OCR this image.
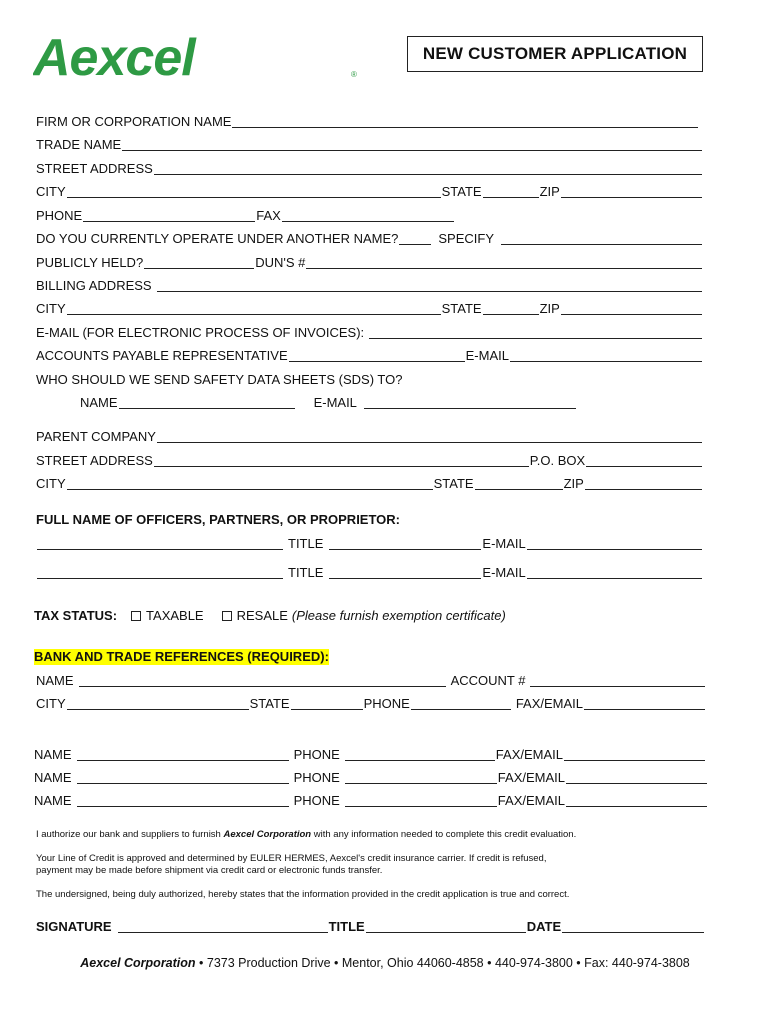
Aexcel	®
NEW CUSTOMER APPLICATION
FIRM OR CORPORATION NAME
TRADE NAME
STREET ADDRESS
CITY	STATE	ZIP
PHONE	FAX
DO YOU CURRENTLY OPERATE UNDER ANOTHER NAME?	SPECIFY
PUBLICLY HELD?	DUN'S #
BILLING ADDRESS
CITY	STATE	ZIP
E-MAIL (FOR ELECTRONIC PROCESS OF INVOICES):
ACCOUNTS PAYABLE REPRESENTATIVE	E-MAIL
WHO SHOULD WE SEND SAFETY DATA SHEETS (SDS) TO?
NAME	E-MAIL
PARENT COMPANY
STREET ADDRESS	P.O. BOX
CITY	STATE	ZIP
FULL NAME OF OFFICERS, PARTNERS, OR PROPRIETOR:
TITLE	E-MAIL
TITLE	E-MAIL
TAX STATUS: TAXABLE	RESALE (Please furnish exemption certificate)
BANK AND TRADE REFERENCES (REQUIRED):
NAME	ACCOUNT #
CITY	STATE	PHONE	FAX/EMAIL
NAME	PHONE	FAX/EMAIL
NAME	PHONE	FAX/EMAIL
NAME	PHONE	FAX/EMAIL
I authorize our bank and suppliers to furnish Aexcel Corporation with any information needed to complete this credit evaluation.
Your Line of Credit is approved and determined by EULER HERMES, Aexcel's credit insurance carrier. If credit is refused,
payment may be made before shipment via credit card or electronic funds transfer.
The undersigned, being duly authorized, hereby states that the information provided in the credit application is true and correct.
SIGNATURE	TITLE	DATE
Aexcel Corporation • 7373 Production Drive • Mentor, Ohio 44060-4858 • 440-974-3800 • Fax: 440-974-3808
